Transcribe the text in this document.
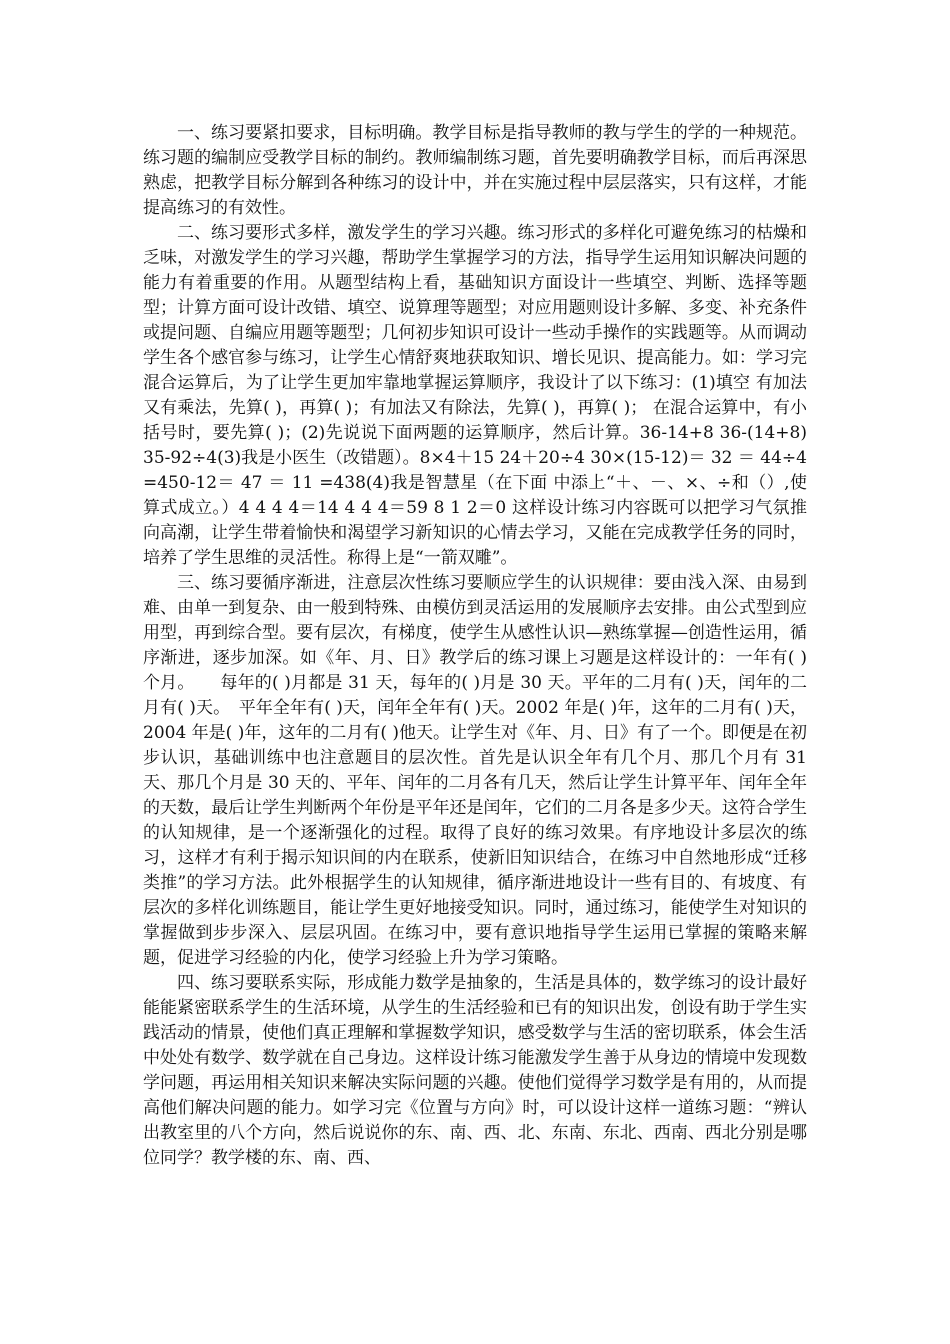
一、练习要紧扣要求，目标明确。教学目标是指导教师的教与学生的学的一种规范。练习题的编制应受教学目标的制约。教师编制练习题，首先要明确教学目标，而后再深思熟虑，把教学目标分解到各种练习的设计中，并在实施过程中层层落实，只有这样，才能提高练习的有效性。

二、练习要形式多样，激发学生的学习兴趣。练习形式的多样化可避免练习的枯燥和乏味，对激发学生的学习兴趣，帮助学生掌握学习的方法，指导学生运用知识解决问题的能力有着重要的作用。从题型结构上看，基础知识方面设计一些填空、判断、选择等题型；计算方面可设计改错、填空、说算理等题型；对应用题则设计多解、多变、补充条件或提问题、自编应用题等题型；几何初步知识可设计一些动手操作的实践题等。从而调动学生各个感官参与练习，让学生心情舒爽地获取知识、增长见识、提高能力。如：学习完混合运算后，为了让学生更加牢靠地掌握运算顺序，我设计了以下练习：(1)填空 有加法又有乘法，先算( )，再算( )；有加法又有除法，先算( )，再算( )； 在混合运算中，有小括号时，要先算( )；(2)先说说下面两题的运算顺序，然后计算。36-14+8 36-(14+8) 35-92÷4(3)我是小医生（改错题）。8×4＋15 24＋20÷4 30×(15-12)＝ 32 ＝ 44÷4 =450-12＝ 47 ＝ 11 =438(4)我是智慧星（在下面 中添上“＋、－、×、÷和（）,使算式成立。）4 4 4 4＝14 4 4 4＝59 8 1 2＝0 这样设计练习内容既可以把学习气氛推向高潮，让学生带着愉快和渴望学习新知识的心情去学习，又能在完成教学任务的同时，培养了学生思维的灵活性。称得上是“一箭双雕”。

三、练习要循序渐进，注意层次性练习要顺应学生的认识规律：要由浅入深、由易到难、由单一到复杂、由一般到特殊、由模仿到灵活运用的发展顺序去安排。由公式型到应用型，再到综合型。要有层次，有梯度，使学生从感性认识—熟练掌握—创造性运用，循序渐进，逐步加深。如《年、月、日》教学后的练习课上习题是这样设计的：一年有( )个月。　　每年的( )月都是 31 天，每年的( )月是 30 天。平年的二月有( )天，闰年的二月有( )天。　平年全年有( )天，闰年全年有( )天。2002 年是( )年，这年的二月有( )天，2004 年是( )年，这年的二月有( )他天。让学生对《年、月、日》有了一个。即便是在初步认识，基础训练中也注意题目的层次性。首先是认识全年有几个月、那几个月有 31 天、那几个月是 30 天的、平年、闰年的二月各有几天，然后让学生计算平年、闰年全年的天数，最后让学生判断两个年份是平年还是闰年，它们的二月各是多少天。这符合学生的认知规律，是一个逐渐强化的过程。取得了良好的练习效果。有序地设计多层次的练习，这样才有利于揭示知识间的内在联系，使新旧知识结合，在练习中自然地形成“迁移类推”的学习方法。此外根据学生的认知规律，循序渐进地设计一些有目的、有坡度、有层次的多样化训练题目，能让学生更好地接受知识。同时，通过练习，能使学生对知识的掌握做到步步深入、层层巩固。在练习中，要有意识地指导学生运用已掌握的策略来解题，促进学习经验的内化，使学习经验上升为学习策略。

四、练习要联系实际，形成能力数学是抽象的，生活是具体的，数学练习的设计最好能能紧密联系学生的生活环境，从学生的生活经验和已有的知识出发，创设有助于学生实践活动的情景，使他们真正理解和掌握数学知识，感受数学与生活的密切联系，体会生活中处处有数学、数学就在自己身边。这样设计练习能激发学生善于从身边的情境中发现数学问题，再运用相关知识来解决实际问题的兴趣。使他们觉得学习数学是有用的，从而提高他们解决问题的能力。如学习完《位置与方向》时，可以设计这样一道练习题：“辨认出教室里的八个方向，然后说说你的东、南、西、北、东南、东北、西南、西北分别是哪位同学？教学楼的东、南、西、
